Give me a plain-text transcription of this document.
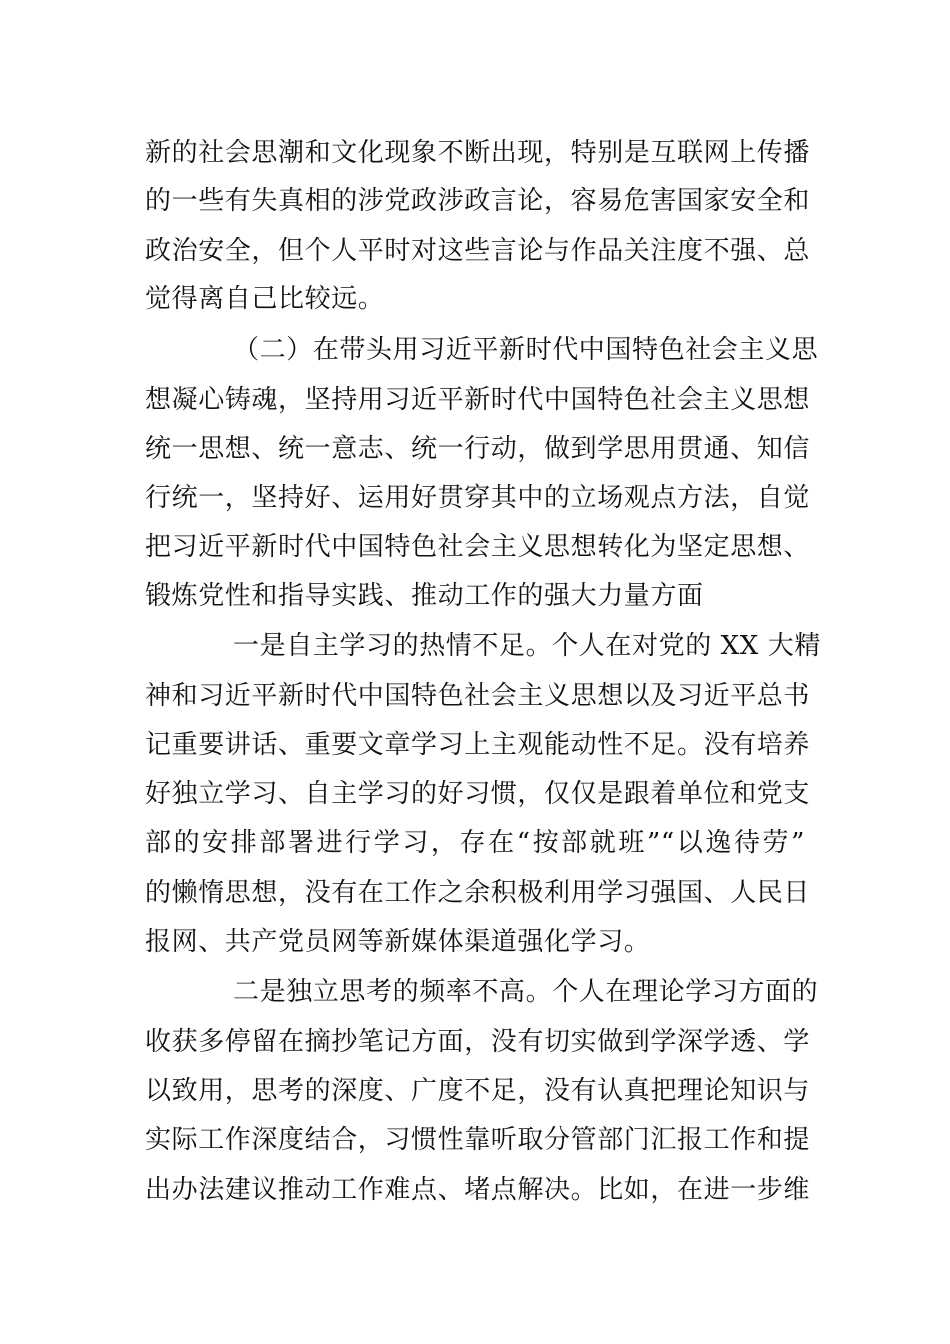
新的社会思潮和文化现象不断出现，特别是互联网上传播
的一些有失真相的涉党政涉政言论，容易危害国家安全和
政治安全，但个人平时对这些言论与作品关注度不强、总
觉得离自己比较远。
（二）在带头用习近平新时代中国特色社会主义思
想凝心铸魂，坚持用习近平新时代中国特色社会主义思想
统一思想、统一意志、统一行动，做到学思用贯通、知信
行统一，坚持好、运用好贯穿其中的立场观点方法，自觉
把习近平新时代中国特色社会主义思想转化为坚定思想、
锻炼党性和指导实践、推动工作的强大力量方面
一是自主学习的热情不足。个人在对党的 XX 大精
神和习近平新时代中国特色社会主义思想以及习近平总书
记重要讲话、重要文章学习上主观能动性不足。没有培养
好独立学习、自主学习的好习惯，仅仅是跟着单位和党支
部的安排部署进行学习，存在“按部就班”“以逸待劳”
的懒惰思想，没有在工作之余积极利用学习强国、人民日
报网、共产党员网等新媒体渠道强化学习。
二是独立思考的频率不高。个人在理论学习方面的
收获多停留在摘抄笔记方面，没有切实做到学深学透、学
以致用，思考的深度、广度不足，没有认真把理论知识与
实际工作深度结合，习惯性靠听取分管部门汇报工作和提
出办法建议推动工作难点、堵点解决。比如，在进一步维
